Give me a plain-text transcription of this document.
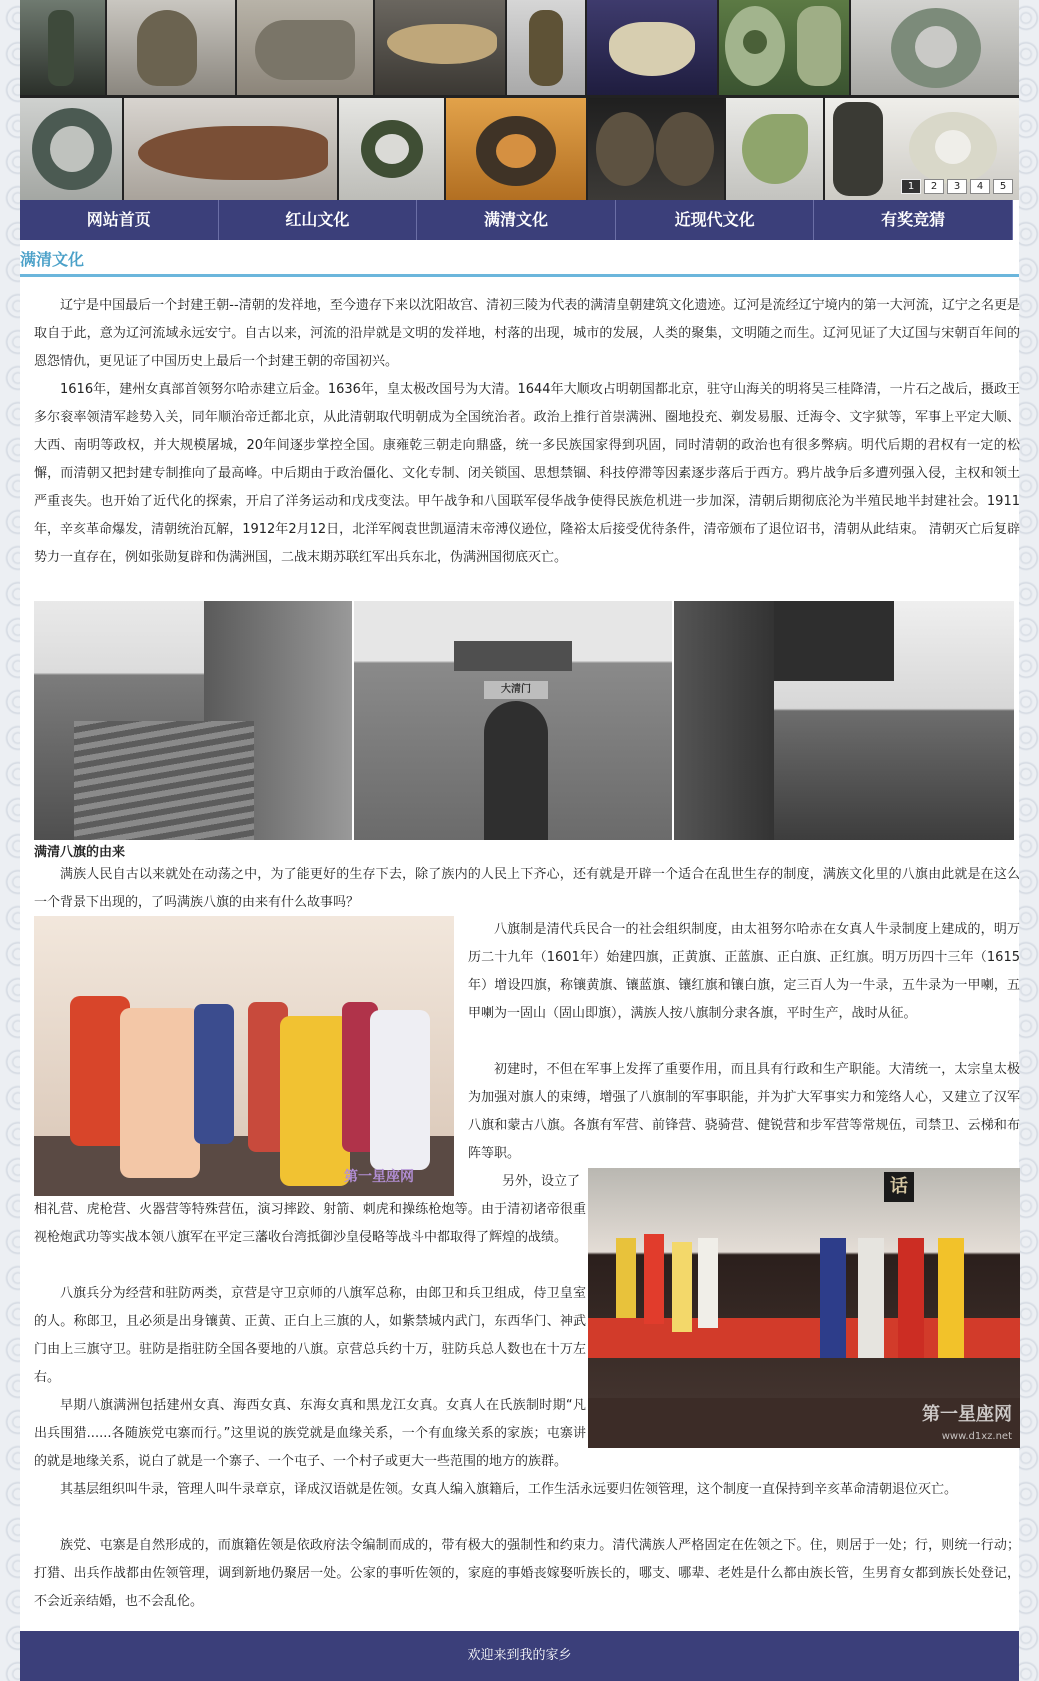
1	2	3	4	5
网站首页	红山文化	满清文化	近现代文化	有奖竞猜
满清文化
辽宁是中国最后一个封建王朝--清朝的发祥地，至今遗存下来以沈阳故宫、清初三陵为代表的满清皇朝建筑文化遗迹。辽河是流经辽宁境内的第一大河流，辽宁之名更是取自于此，意为辽河流域永远安宁。自古以来，河流的沿岸就是文明的发祥地，村落的出现，城市的发展，人类的聚集，文明随之而生。辽河见证了大辽国与宋朝百年间的恩怨情仇，更见证了中国历史上最后一个封建王朝的帝国初兴。
1616年，建州女真部首领努尔哈赤建立后金。1636年，皇太极改国号为大清。1644年大顺攻占明朝国都北京，驻守山海关的明将吴三桂降清，一片石之战后，摄政王多尔衮率领清军趁势入关，同年顺治帝迁都北京，从此清朝取代明朝成为全国统治者。政治上推行首崇满洲、圈地投充、剃发易服、迁海令、文字狱等，军事上平定大顺、大西、南明等政权，并大规模屠城，20年间逐步掌控全国。康雍乾三朝走向鼎盛，统一多民族国家得到巩固，同时清朝的政治也有很多弊病。明代后期的君权有一定的松懈，而清朝又把封建专制推向了最高峰。中后期由于政治僵化、文化专制、闭关锁国、思想禁锢、科技停滞等因素逐步落后于西方。鸦片战争后多遭列强入侵，主权和领土严重丧失。也开始了近代化的探索，开启了洋务运动和戊戌变法。甲午战争和八国联军侵华战争使得民族危机进一步加深，清朝后期彻底沦为半殖民地半封建社会。1911年，辛亥革命爆发，清朝统治瓦解，1912年2月12日，北洋军阀袁世凯逼清末帝溥仪逊位，隆裕太后接受优待条件，清帝颁布了退位诏书，清朝从此结束。 清朝灭亡后复辟势力一直存在，例如张勋复辟和伪满洲国，二战末期苏联红军出兵东北，伪满洲国彻底灭亡。
大清门
满清八旗的由来
满族人民自古以来就处在动荡之中，为了能更好的生存下去，除了族内的人民上下齐心，还有就是开辟一个适合在乱世生存的制度，满族文化里的八旗由此就是在这么一个背景下出现的，了吗满族八旗的由来有什么故事吗？
第一星座网
八旗制是清代兵民合一的社会组织制度，由太祖努尔哈赤在女真人牛录制度上建成的，明万历二十九年（1601年）始建四旗，正黄旗、正蓝旗、正白旗、正红旗。明万历四十三年（1615年）增设四旗，称镶黄旗、镶蓝旗、镶红旗和镶白旗，定三百人为一牛录，五牛录为一甲喇，五甲喇为一固山（固山即旗），满族人按八旗制分隶各旗，平时生产，战时从征。
初建时，不但在军事上发挥了重要作用，而且具有行政和生产职能。大清统一，太宗皇太极为加强对旗人的束缚，增强了八旗制的军事职能，并为扩大军事实力和笼络人心，又建立了汉军八旗和蒙古八旗。各旗有军营、前锋营、骁骑营、健锐营和步军营等常规伍，司禁卫、云梯和布阵等职。
另外，设立了	话
第一星座网
www.d1xz.net
相礼营、虎枪营、火器营等特殊营伍，演习摔跤、射箭、刺虎和操练枪炮等。由于清初诸帝很重视枪炮武功等实战本领八旗军在平定三藩收台湾抵御沙皇侵略等战斗中都取得了辉煌的战绩。
八旗兵分为经营和驻防两类，京营是守卫京师的八旗军总称，由郎卫和兵卫组成，侍卫皇室的人。称郎卫，且必须是出身镶黄、正黄、正白上三旗的人，如紫禁城内武门，东西华门、神武门由上三旗守卫。驻防是指驻防全国各要地的八旗。京营总兵约十万，驻防兵总人数也在十万左右。
早期八旗满洲包括建州女真、海西女真、东海女真和黑龙江女真。女真人在氏族制时期“凡出兵围猎......各随族党屯寨而行。”这里说的族党就是血缘关系，一个有血缘关系的家族；屯寨讲的就是地缘关系，说白了就是一个寨子、一个屯子、一个村子或更大一些范围的地方的族群。
其基层组织叫牛录，管理人叫牛录章京，译成汉语就是佐领。女真人编入旗籍后，工作生活永远要归佐领管理，这个制度一直保持到辛亥革命清朝退位灭亡。
族党、屯寨是自然形成的，而旗籍佐领是依政府法令编制而成的，带有极大的强制性和约束力。清代满族人严格固定在佐领之下。住，则居于一处；行，则统一行动；打猎、出兵作战都由佐领管理，调到新地仍聚居一处。公家的事听佐领的，家庭的事婚丧嫁娶听族长的，哪支、哪辈、老姓是什么都由族长管，生男育女都到族长处登记，不会近亲结婚，也不会乱伦。
欢迎来到我的家乡
